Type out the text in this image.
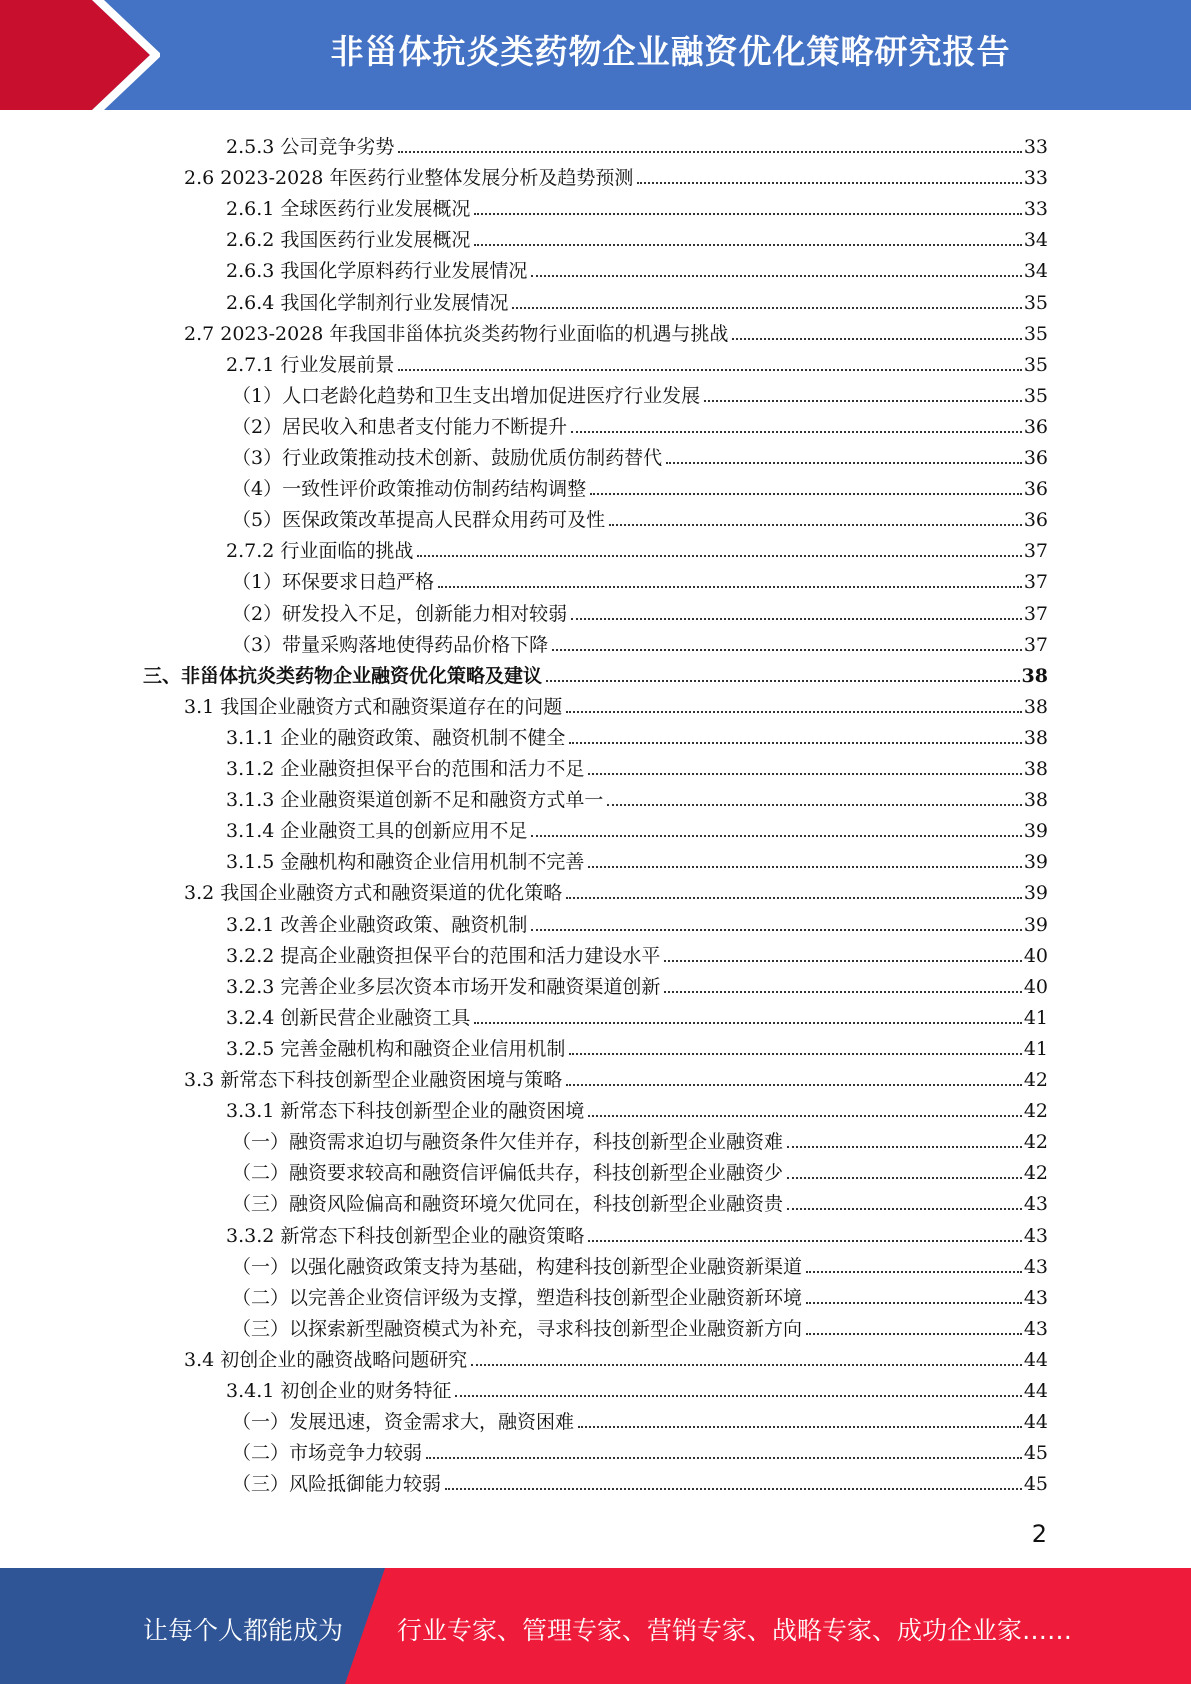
非甾体抗炎类药物企业融资优化策略研究报告
2.5.3 公司竞争劣势	33
2.6 2023-2028 年医药行业整体发展分析及趋势预测	33
2.6.1 全球医药行业发展概况	33
2.6.2 我国医药行业发展概况	34
2.6.3 我国化学原料药行业发展情况	34
2.6.4 我国化学制剂行业发展情况	35
2.7 2023-2028 年我国非甾体抗炎类药物行业面临的机遇与挑战	35
2.7.1 行业发展前景	35
（1）人口老龄化趋势和卫生支出增加促进医疗行业发展	35
（2）居民收入和患者支付能力不断提升	36
（3）行业政策推动技术创新、鼓励优质仿制药替代	36
（4）一致性评价政策推动仿制药结构调整	36
（5）医保政策改革提高人民群众用药可及性	36
2.7.2 行业面临的挑战	37
（1）环保要求日趋严格	37
（2）研发投入不足，创新能力相对较弱	37
（3）带量采购落地使得药品价格下降	37
三、非甾体抗炎类药物企业融资优化策略及建议	38
3.1 我国企业融资方式和融资渠道存在的问题	38
3.1.1 企业的融资政策、融资机制不健全	38
3.1.2 企业融资担保平台的范围和活力不足	38
3.1.3 企业融资渠道创新不足和融资方式单一	38
3.1.4 企业融资工具的创新应用不足	39
3.1.5 金融机构和融资企业信用机制不完善	39
3.2 我国企业融资方式和融资渠道的优化策略	39
3.2.1 改善企业融资政策、融资机制	39
3.2.2 提高企业融资担保平台的范围和活力建设水平	40
3.2.3 完善企业多层次资本市场开发和融资渠道创新	40
3.2.4 创新民营企业融资工具	41
3.2.5 完善金融机构和融资企业信用机制	41
3.3 新常态下科技创新型企业融资困境与策略	42
3.3.1 新常态下科技创新型企业的融资困境	42
（一）融资需求迫切与融资条件欠佳并存，科技创新型企业融资难	42
（二）融资要求较高和融资信评偏低共存，科技创新型企业融资少	42
（三）融资风险偏高和融资环境欠优同在，科技创新型企业融资贵	43
3.3.2 新常态下科技创新型企业的融资策略	43
（一）以强化融资政策支持为基础，构建科技创新型企业融资新渠道	43
（二）以完善企业资信评级为支撑，塑造科技创新型企业融资新环境	43
（三）以探索新型融资模式为补充，寻求科技创新型企业融资新方向	43
3.4 初创企业的融资战略问题研究	44
3.4.1 初创企业的财务特征	44
（一）发展迅速，资金需求大，融资困难	44
（二）市场竞争力较弱	45
（三）风险抵御能力较弱	45
2
让每个人都能成为 行业专家、管理专家、营销专家、战略专家、成功企业家……
